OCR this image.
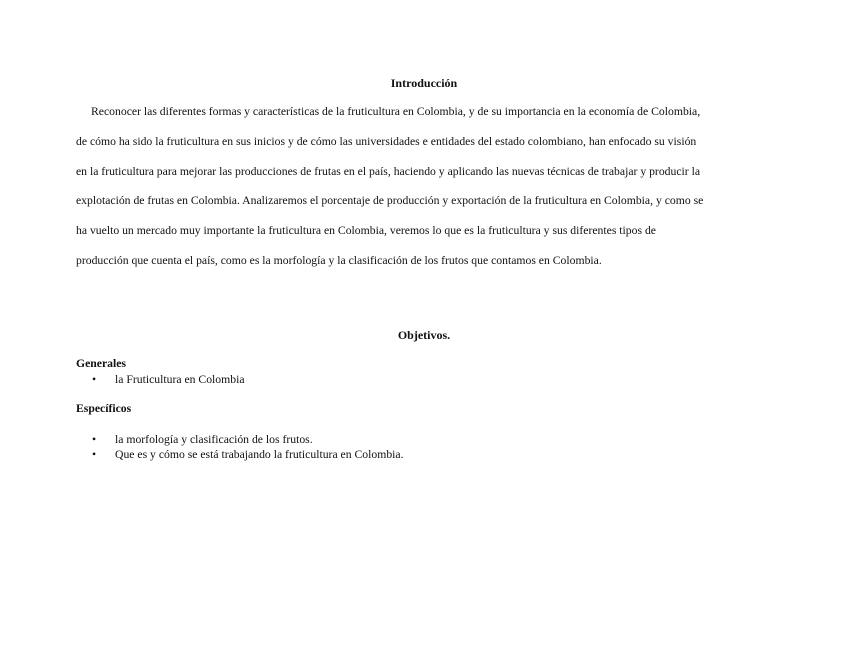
Introducción
Reconocer las diferentes formas y características de la fruticultura en Colombia, y de su importancia en la economía de Colombia,
de cómo ha sido la fruticultura en sus inicios y de cómo las universidades e entidades del estado colombiano, han enfocado su visión
en la fruticultura para mejorar las producciones de frutas en el país, haciendo y aplicando las nuevas técnicas de trabajar y producir la
explotación de frutas en Colombia. Analizaremos el porcentaje de producción y exportación de la fruticultura en Colombia, y como se
ha vuelto un mercado muy importante la fruticultura en Colombia, veremos lo que es la fruticultura y sus diferentes tipos de
producción que cuenta el país, como es la morfología y la clasificación de los frutos que contamos en Colombia.
Objetivos.
Generales
• la Fruticultura en Colombia
Específicos
• la morfología y clasificación de los frutos.
• Que es y cómo se está trabajando la fruticultura en Colombia.
